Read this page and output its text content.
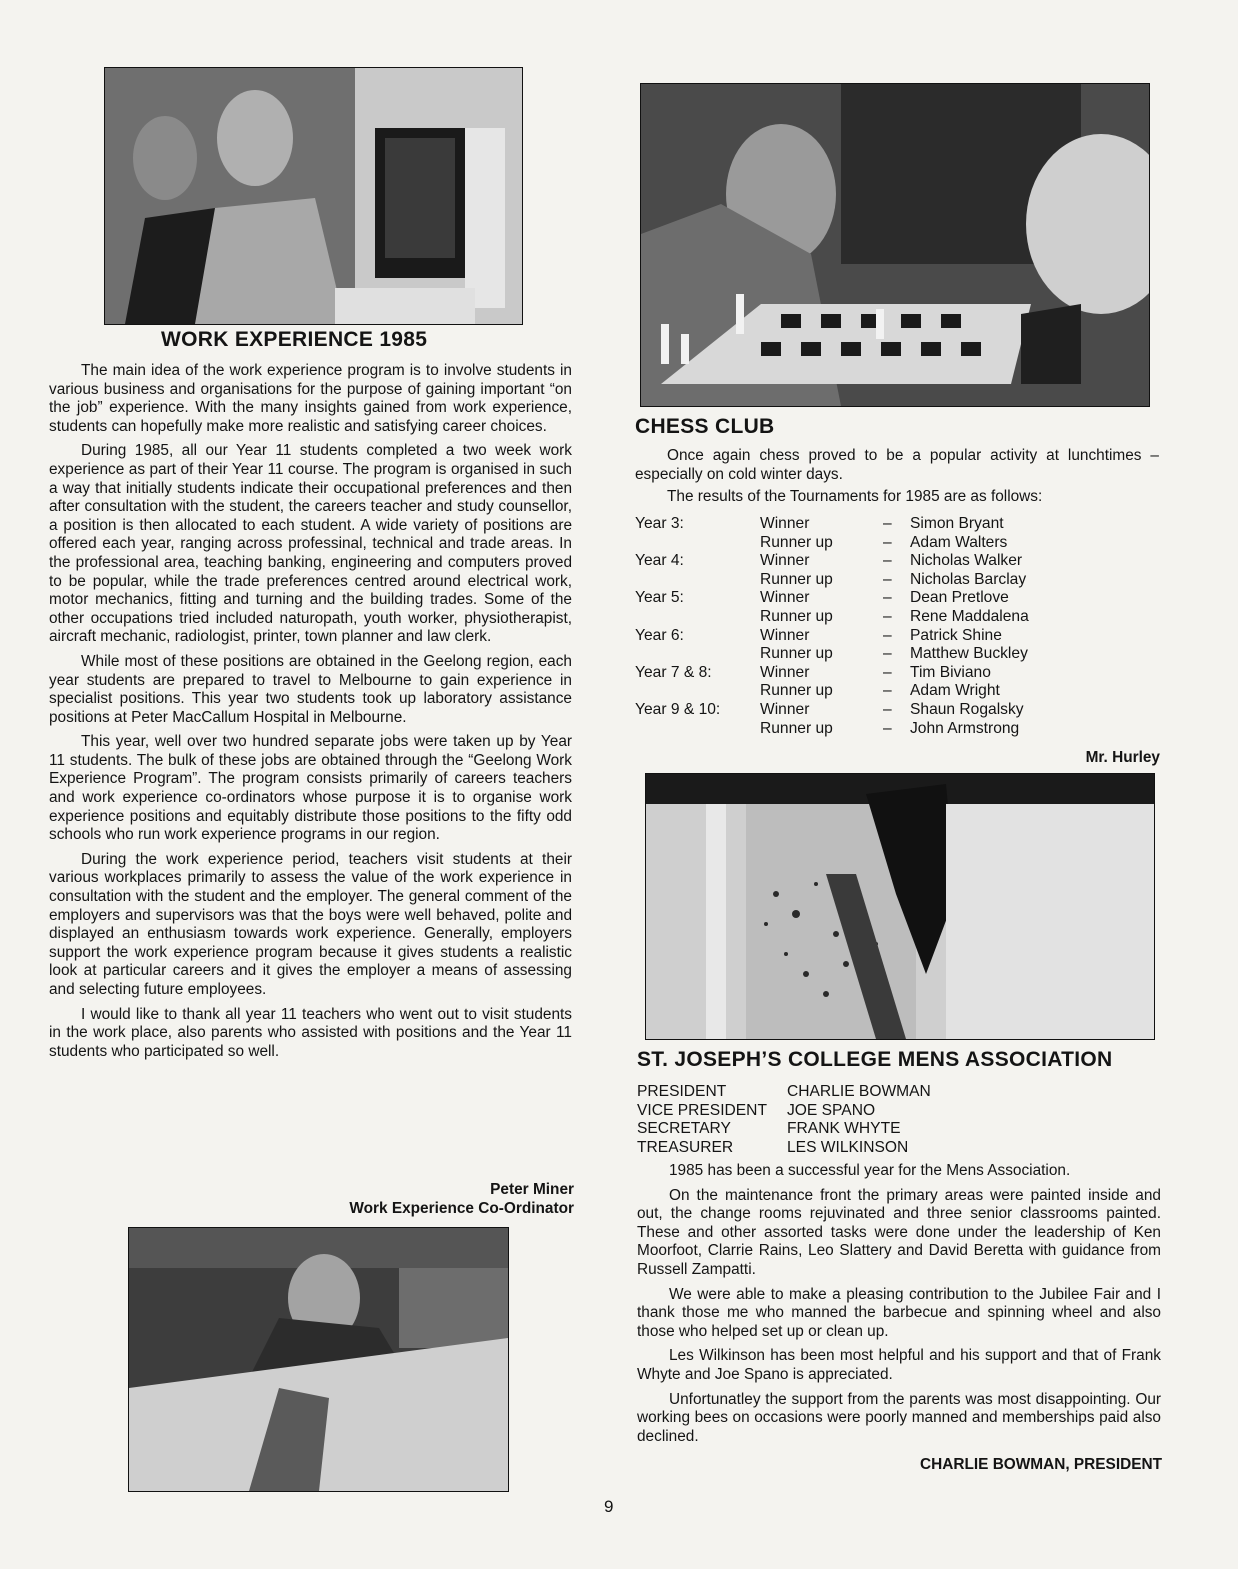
WORK EXPERIENCE 1985

The main idea of the work experience program is to involve students in various business and organisations for the purpose of gaining important “on the job” experience. With the many insights gained from work experience, students can hopefully make more realistic and satisfying career choices.

During 1985, all our Year 11 students completed a two week work experience as part of their Year 11 course. The program is organised in such a way that initially students indicate their occupational preferences and then after consultation with the student, the careers teacher and study counsellor, a position is then allocated to each student. A wide variety of positions are offered each year, ranging across professinal, technical and trade areas. In the professional area, teaching banking, engineering and computers proved to be popular, while the trade preferences centred around electrical work, motor mechanics, fitting and turning and the building trades. Some of the other occupations tried included naturopath, youth worker, physiotherapist, aircraft mechanic, radiologist, printer, town planner and law clerk.

While most of these positions are obtained in the Geelong region, each year students are prepared to travel to Melbourne to gain experience in specialist positions. This year two students took up laboratory assistance positions at Peter MacCallum Hospital in Melbourne.

This year, well over two hundred separate jobs were taken up by Year 11 students. The bulk of these jobs are obtained through the “Geelong Work Experience Program”. The program consists primarily of careers teachers and work experience co-ordinators whose purpose it is to organise work experience positions and equitably distribute those positions to the fifty odd schools who run work experience programs in our region.

During the work experience period, teachers visit students at their various workplaces primarily to assess the value of the work experience in consultation with the student and the employer. The general comment of the employers and supervisors was that the boys were well behaved, polite and displayed an enthusiasm towards work experience. Generally, employers support the work experience program because it gives students a realistic look at particular careers and it gives the employer a means of assessing and selecting future employees.

I would like to thank all year 11 teachers who went out to visit students in the work place, also parents who assisted with positions and the Year 11 students who participated so well.

Peter Miner
Work Experience Co-Ordinator
CHESS CLUB

Once again chess proved to be a popular activity at lunchtimes – especially on cold winter days.

The results of the Tournaments for 1985 are as follows:

Year 3:	Winner	–	Simon Bryant
	Runner up	–	Adam Walters
Year 4:	Winner	–	Nicholas Walker
	Runner up	–	Nicholas Barclay
Year 5:	Winner	–	Dean Pretlove
	Runner up	–	Rene Maddalena
Year 6:	Winner	–	Patrick Shine
	Runner up	–	Matthew Buckley
Year 7 & 8:	Winner	–	Tim Biviano
	Runner up	–	Adam Wright
Year 9 & 10:	Winner	–	Shaun Rogalsky
	Runner up	–	John Armstrong
Mr. Hurley
ST. JOSEPH’S COLLEGE MENS ASSOCIATION
PRESIDENT	CHARLIE BOWMAN
VICE PRESIDENT	JOE SPANO
SECRETARY	FRANK WHYTE
TREASURER	LES WILKINSON

1985 has been a successful year for the Mens Association.

On the maintenance front the primary areas were painted inside and out, the change rooms rejuvinated and three senior classrooms painted. These and other assorted tasks were done under the leadership of Ken Moorfoot, Clarrie Rains, Leo Slattery and David Beretta with guidance from Russell Zampatti.

We were able to make a pleasing contribution to the Jubilee Fair and I thank those me who manned the barbecue and spinning wheel and also those who helped set up or clean up.

Les Wilkinson has been most helpful and his support and that of Frank Whyte and Joe Spano is appreciated.

Unfortunatley the support from the parents was most disappointing. Our working bees on occasions were poorly manned and memberships paid also declined.

CHARLIE BOWMAN, PRESIDENT
9
